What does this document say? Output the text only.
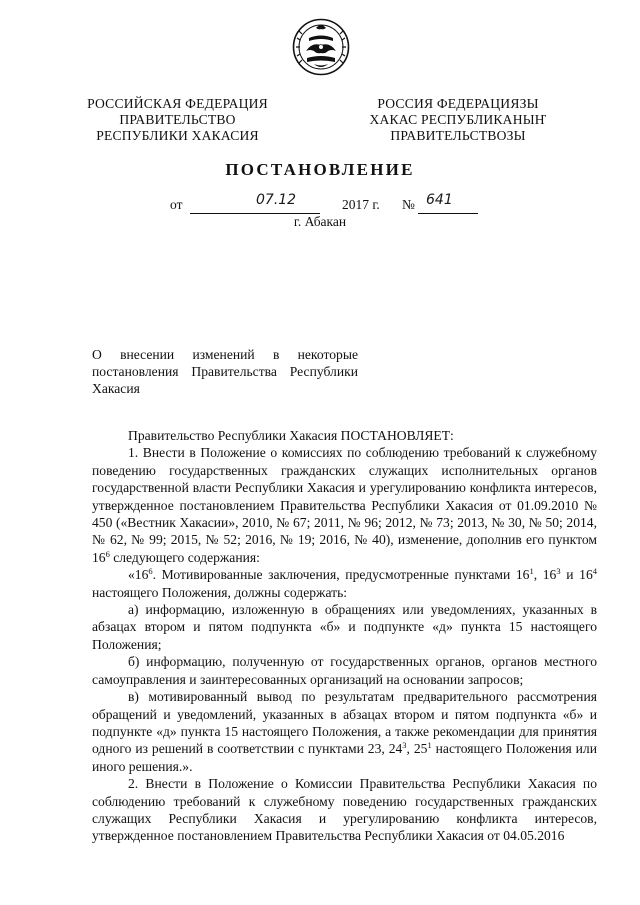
РОССИЙСКАЯ ФЕДЕРАЦИЯ
ПРАВИТЕЛЬСТВО
РЕСПУБЛИКИ ХАКАСИЯ
РОССИЯ ФЕДЕРАЦИЯЗЫ
ХАКАС РЕСПУБЛИКАНЫҤ
ПРАВИТЕЛЬСТВОЗЫ
ПОСТАНОВЛЕНИЕ
от	07.12	2017 г. № 641
г. Абакан
О внесении изменений в некоторые постановления Правительства Республики Хакасия

Правительство Республики Хакасия ПОСТАНОВЛЯЕТ:

1. Внести в Положение о комиссиях по соблюдению требований к служебному поведению государственных гражданских служащих исполнительных органов государственной власти Республики Хакасия и урегулированию конфликта интересов, утвержденное постановлением Правительства Республики Хакасия от 01.09.2010 № 450 («Вестник Хакасии», 2010, № 67; 2011, № 96; 2012, № 73; 2013, № 30, № 50; 2014, № 62, № 99; 2015, № 52; 2016, № 19; 2016, № 40), изменение, дополнив его пунктом $16^6$ следующего содержания:

«$16^6$. Мотивированные заключения, предусмотренные пунктами $16^1$, $16^3$ и $16^4$ настоящего Положения, должны содержать:

а) информацию, изложенную в обращениях или уведомлениях, указанных в абзацах втором и пятом подпункта «б» и подпункте «д» пункта 15 настоящего Положения;

б) информацию, полученную от государственных органов, органов местного самоуправления и заинтересованных организаций на основании запросов;

в) мотивированный вывод по результатам предварительного рассмотрения обращений и уведомлений, указанных в абзацах втором и пятом подпункта «б» и подпункте «д» пункта 15 настоящего Положения, а также рекомендации для принятия одного из решений в соответствии с пунктами 23, $24^3$, $25^1$ настоящего Положения или иного решения.».

2. Внести в Положение о Комиссии Правительства Республики Хакасия по соблюдению требований к служебному поведению государственных гражданских служащих Республики Хакасия и урегулированию конфликта интересов, утвержденное постановлением Правительства Республики Хакасия от 04.05.2016
